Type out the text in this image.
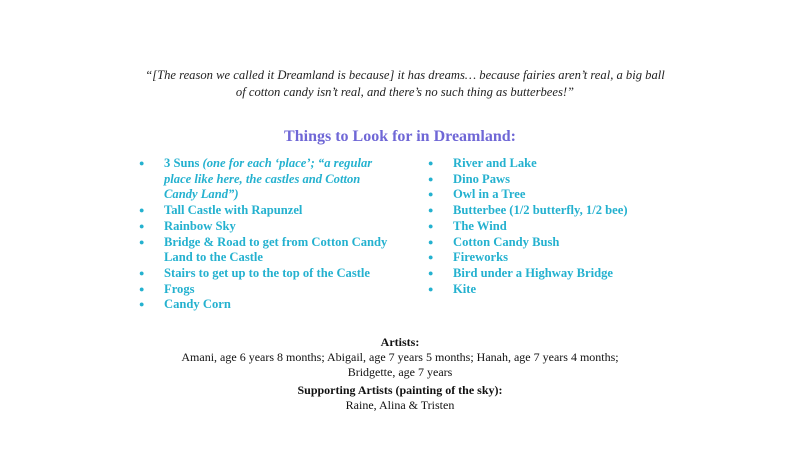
“[The reason we called it Dreamland is because] it has dreams… because fairies aren’t real, a big ball of cotton candy isn’t real, and there’s no such thing as butterbees!”
Things to Look for in Dreamland:
● 3 Suns (one for each ‘place’; “a regular place like here, the castles and Cotton Candy Land”)
● Tall Castle with Rapunzel
● Rainbow Sky
● Bridge & Road to get from Cotton Candy Land to the Castle
● Stairs to get up to the top of the Castle
● Frogs
● Candy Corn
● River and Lake
● Dino Paws
● Owl in a Tree
● Butterbee (1/2 butterfly, 1/2 bee)
● The Wind
● Cotton Candy Bush
● Fireworks
● Bird under a Highway Bridge
● Kite
Artists:
Amani, age 6 years 8 months; Abigail, age 7 years 5 months; Hanah, age 7 years 4 months; Bridgette, age 7 years
Supporting Artists (painting of the sky):
Raine, Alina & Tristen
